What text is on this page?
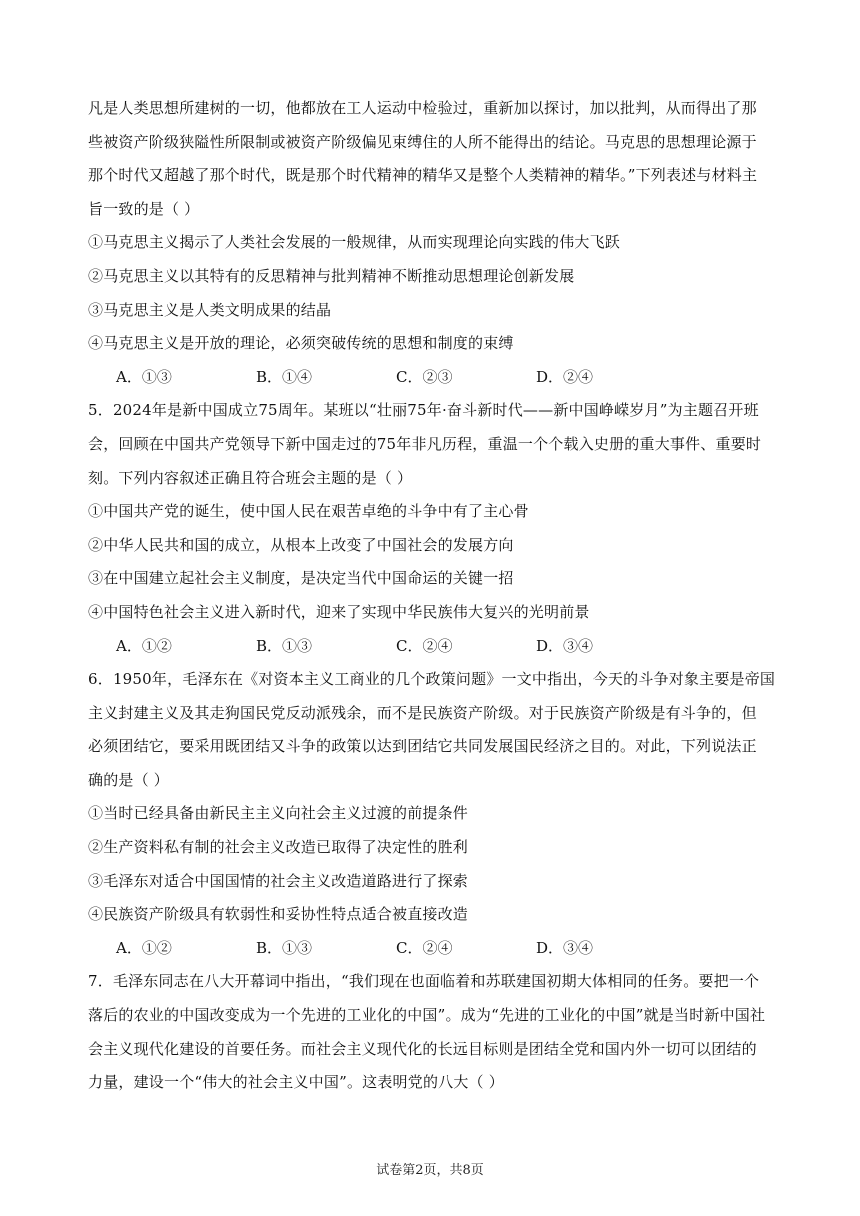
凡是人类思想所建树的一切，他都放在工人运动中检验过，重新加以探讨，加以批判，从而得出了那
些被资产阶级狭隘性所限制或被资产阶级偏见束缚住的人所不能得出的结论。马克思的思想理论源于
那个时代又超越了那个时代，既是那个时代精神的精华又是整个人类精神的精华。”下列表述与材料主
旨一致的是（ ）
①马克思主义揭示了人类社会发展的一般规律，从而实现理论向实践的伟大飞跃
②马克思主义以其特有的反思精神与批判精神不断推动思想理论创新发展
③马克思主义是人类文明成果的结晶
④马克思主义是开放的理论，必须突破传统的思想和制度的束缚
A．①③	B．①④	C．②③	D．②④
5．2024年是新中国成立75周年。某班以“壮丽75年·奋斗新时代——新中国峥嵘岁月”为主题召开班
会，回顾在中国共产党领导下新中国走过的75年非凡历程，重温一个个载入史册的重大事件、重要时
刻。下列内容叙述正确且符合班会主题的是（ ）
①中国共产党的诞生，使中国人民在艰苦卓绝的斗争中有了主心骨
②中华人民共和国的成立，从根本上改变了中国社会的发展方向
③在中国建立起社会主义制度，是决定当代中国命运的关键一招
④中国特色社会主义进入新时代，迎来了实现中华民族伟大复兴的光明前景
A．①②	B．①③	C．②④	D．③④
6．1950年，毛泽东在《对资本主义工商业的几个政策问题》一文中指出，今天的斗争对象主要是帝国
主义封建主义及其走狗国民党反动派残余，而不是民族资产阶级。对于民族资产阶级是有斗争的，但
必须团结它，要采用既团结又斗争的政策以达到团结它共同发展国民经济之目的。对此，下列说法正
确的是（ ）
①当时已经具备由新民主主义向社会主义过渡的前提条件
②生产资料私有制的社会主义改造已取得了决定性的胜利
③毛泽东对适合中国国情的社会主义改造道路进行了探索
④民族资产阶级具有软弱性和妥协性特点适合被直接改造
A．①②	B．①③	C．②④	D．③④
7．毛泽东同志在八大开幕词中指出，“我们现在也面临着和苏联建国初期大体相同的任务。要把一个
落后的农业的中国改变成为一个先进的工业化的中国”。成为“先进的工业化的中国”就是当时新中国社
会主义现代化建设的首要任务。而社会主义现代化的长远目标则是团结全党和国内外一切可以团结的
力量，建设一个“伟大的社会主义中国”。这表明党的八大（ ）
试卷第2页，共8页
